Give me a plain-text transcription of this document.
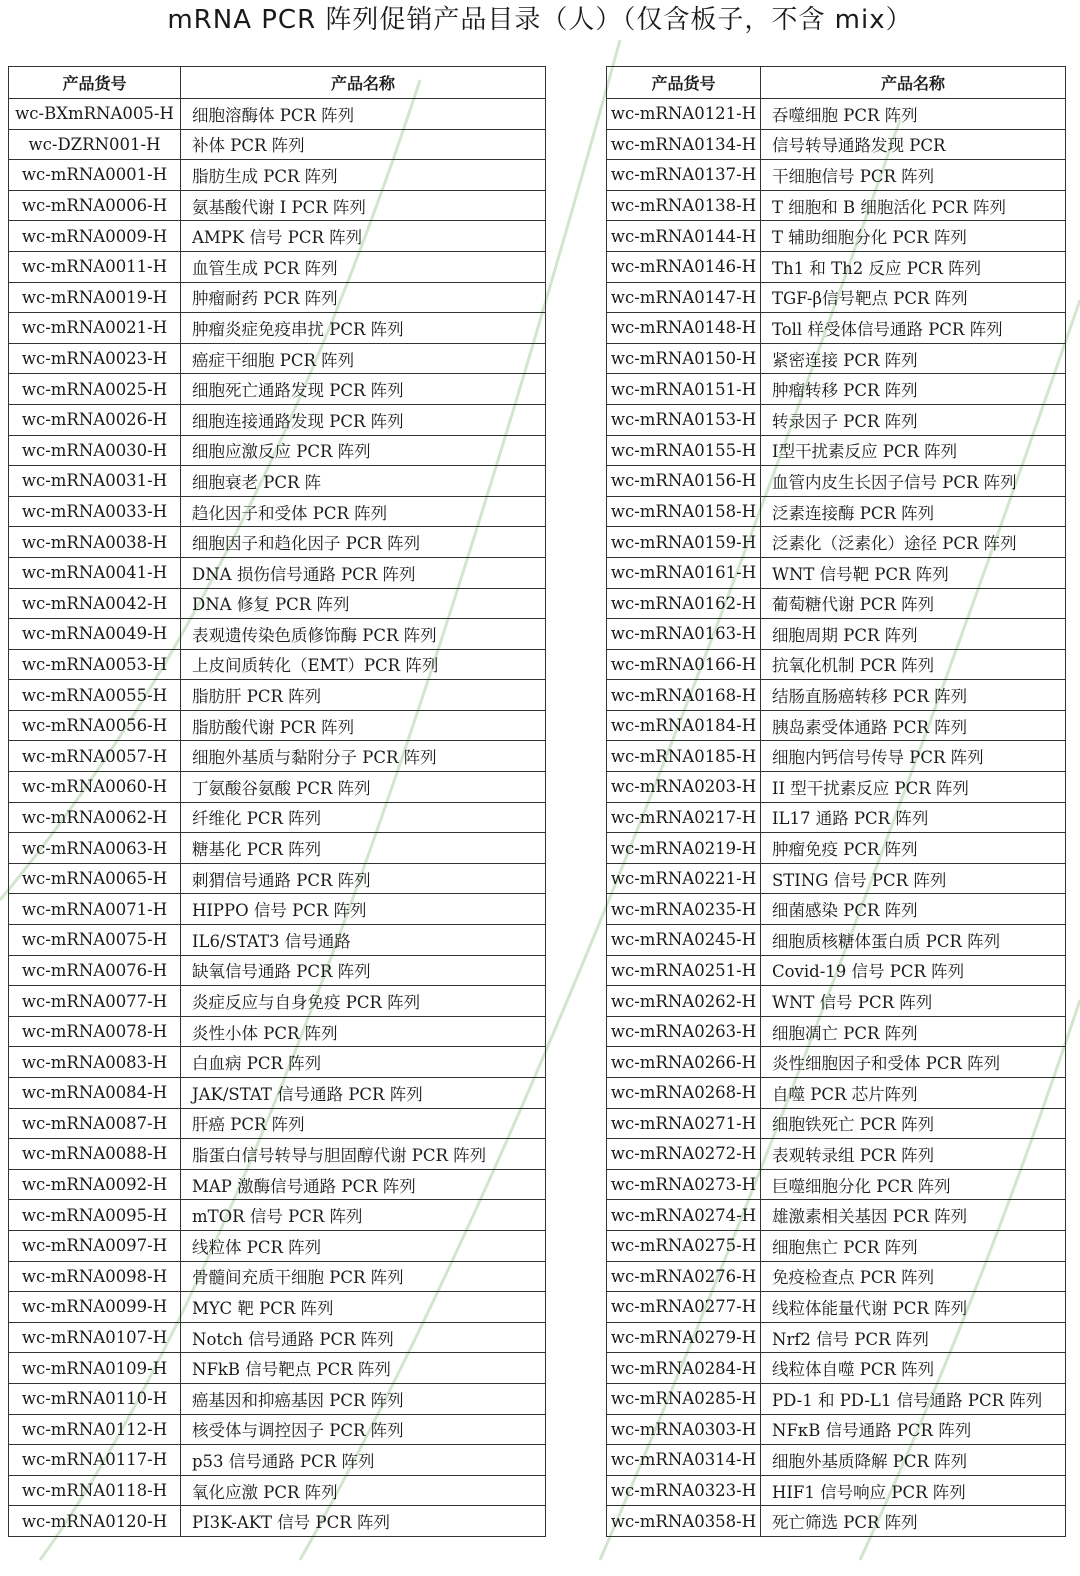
mRNA PCR 阵列促销产品目录（人）（仅含板子，不含 mix）
产品货号	产品名称
wc-BXmRNA005-H	细胞溶酶体 PCR 阵列
wc-DZRN001-H	补体 PCR 阵列
wc-mRNA0001-H	脂肪生成 PCR 阵列
wc-mRNA0006-H	氨基酸代谢 I PCR 阵列
wc-mRNA0009-H	AMPK 信号 PCR 阵列
wc-mRNA0011-H	血管生成 PCR 阵列
wc-mRNA0019-H	肿瘤耐药 PCR 阵列
wc-mRNA0021-H	肿瘤炎症免疫串扰 PCR 阵列
wc-mRNA0023-H	癌症干细胞 PCR 阵列
wc-mRNA0025-H	细胞死亡通路发现 PCR 阵列
wc-mRNA0026-H	细胞连接通路发现 PCR 阵列
wc-mRNA0030-H	细胞应激反应 PCR 阵列
wc-mRNA0031-H	细胞衰老 PCR 阵
wc-mRNA0033-H	趋化因子和受体 PCR 阵列
wc-mRNA0038-H	细胞因子和趋化因子 PCR 阵列
wc-mRNA0041-H	DNA 损伤信号通路 PCR 阵列
wc-mRNA0042-H	DNA 修复 PCR 阵列
wc-mRNA0049-H	表观遗传染色质修饰酶 PCR 阵列
wc-mRNA0053-H	上皮间质转化（EMT）PCR 阵列
wc-mRNA0055-H	脂肪肝 PCR 阵列
wc-mRNA0056-H	脂肪酸代谢 PCR 阵列
wc-mRNA0057-H	细胞外基质与黏附分子 PCR 阵列
wc-mRNA0060-H	丁氨酸谷氨酸 PCR 阵列
wc-mRNA0062-H	纤维化 PCR 阵列
wc-mRNA0063-H	糖基化 PCR 阵列
wc-mRNA0065-H	刺猬信号通路 PCR 阵列
wc-mRNA0071-H	HIPPO 信号 PCR 阵列
wc-mRNA0075-H	IL6/STAT3 信号通路
wc-mRNA0076-H	缺氧信号通路 PCR 阵列
wc-mRNA0077-H	炎症反应与自身免疫 PCR 阵列
wc-mRNA0078-H	炎性小体 PCR 阵列
wc-mRNA0083-H	白血病 PCR 阵列
wc-mRNA0084-H	JAK/STAT 信号通路 PCR 阵列
wc-mRNA0087-H	肝癌 PCR 阵列
wc-mRNA0088-H	脂蛋白信号转导与胆固醇代谢 PCR 阵列
wc-mRNA0092-H	MAP 激酶信号通路 PCR 阵列
wc-mRNA0095-H	mTOR 信号 PCR 阵列
wc-mRNA0097-H	线粒体 PCR 阵列
wc-mRNA0098-H	骨髓间充质干细胞 PCR 阵列
wc-mRNA0099-H	MYC 靶 PCR 阵列
wc-mRNA0107-H	Notch 信号通路 PCR 阵列
wc-mRNA0109-H	NFkB 信号靶点 PCR 阵列
wc-mRNA0110-H	癌基因和抑癌基因 PCR 阵列
wc-mRNA0112-H	核受体与调控因子 PCR 阵列
wc-mRNA0117-H	p53 信号通路 PCR 阵列
wc-mRNA0118-H	氧化应激 PCR 阵列
wc-mRNA0120-H	PI3K-AKT 信号 PCR 阵列
产品货号	产品名称
wc-mRNA0121-H	吞噬细胞 PCR 阵列
wc-mRNA0134-H	信号转导通路发现 PCR
wc-mRNA0137-H	干细胞信号 PCR 阵列
wc-mRNA0138-H	T 细胞和 B 细胞活化 PCR 阵列
wc-mRNA0144-H	T 辅助细胞分化 PCR 阵列
wc-mRNA0146-H	Th1 和 Th2 反应 PCR 阵列
wc-mRNA0147-H	TGF-β信号靶点 PCR 阵列
wc-mRNA0148-H	Toll 样受体信号通路 PCR 阵列
wc-mRNA0150-H	紧密连接 PCR 阵列
wc-mRNA0151-H	肿瘤转移 PCR 阵列
wc-mRNA0153-H	转录因子 PCR 阵列
wc-mRNA0155-H	I型干扰素反应 PCR 阵列
wc-mRNA0156-H	血管内皮生长因子信号 PCR 阵列
wc-mRNA0158-H	泛素连接酶 PCR 阵列
wc-mRNA0159-H	泛素化（泛素化）途径 PCR 阵列
wc-mRNA0161-H	WNT 信号靶 PCR 阵列
wc-mRNA0162-H	葡萄糖代谢 PCR 阵列
wc-mRNA0163-H	细胞周期 PCR 阵列
wc-mRNA0166-H	抗氧化机制 PCR 阵列
wc-mRNA0168-H	结肠直肠癌转移 PCR 阵列
wc-mRNA0184-H	胰岛素受体通路 PCR 阵列
wc-mRNA0185-H	细胞内钙信号传导 PCR 阵列
wc-mRNA0203-H	II 型干扰素反应 PCR 阵列
wc-mRNA0217-H	IL17 通路 PCR 阵列
wc-mRNA0219-H	肿瘤免疫 PCR 阵列
wc-mRNA0221-H	STING 信号 PCR 阵列
wc-mRNA0235-H	细菌感染 PCR 阵列
wc-mRNA0245-H	细胞质核糖体蛋白质 PCR 阵列
wc-mRNA0251-H	Covid-19 信号 PCR 阵列
wc-mRNA0262-H	WNT 信号 PCR 阵列
wc-mRNA0263-H	细胞凋亡 PCR 阵列
wc-mRNA0266-H	炎性细胞因子和受体 PCR 阵列
wc-mRNA0268-H	自噬 PCR 芯片阵列
wc-mRNA0271-H	细胞铁死亡 PCR 阵列
wc-mRNA0272-H	表观转录组 PCR 阵列
wc-mRNA0273-H	巨噬细胞分化 PCR 阵列
wc-mRNA0274-H	雄激素相关基因 PCR 阵列
wc-mRNA0275-H	细胞焦亡 PCR 阵列
wc-mRNA0276-H	免疫检查点 PCR 阵列
wc-mRNA0277-H	线粒体能量代谢 PCR 阵列
wc-mRNA0279-H	Nrf2 信号 PCR 阵列
wc-mRNA0284-H	线粒体自噬 PCR 阵列
wc-mRNA0285-H	PD-1 和 PD-L1 信号通路 PCR 阵列
wc-mRNA0303-H	NFκB 信号通路 PCR 阵列
wc-mRNA0314-H	细胞外基质降解 PCR 阵列
wc-mRNA0323-H	HIF1 信号响应 PCR 阵列
wc-mRNA0358-H	死亡筛选 PCR 阵列
